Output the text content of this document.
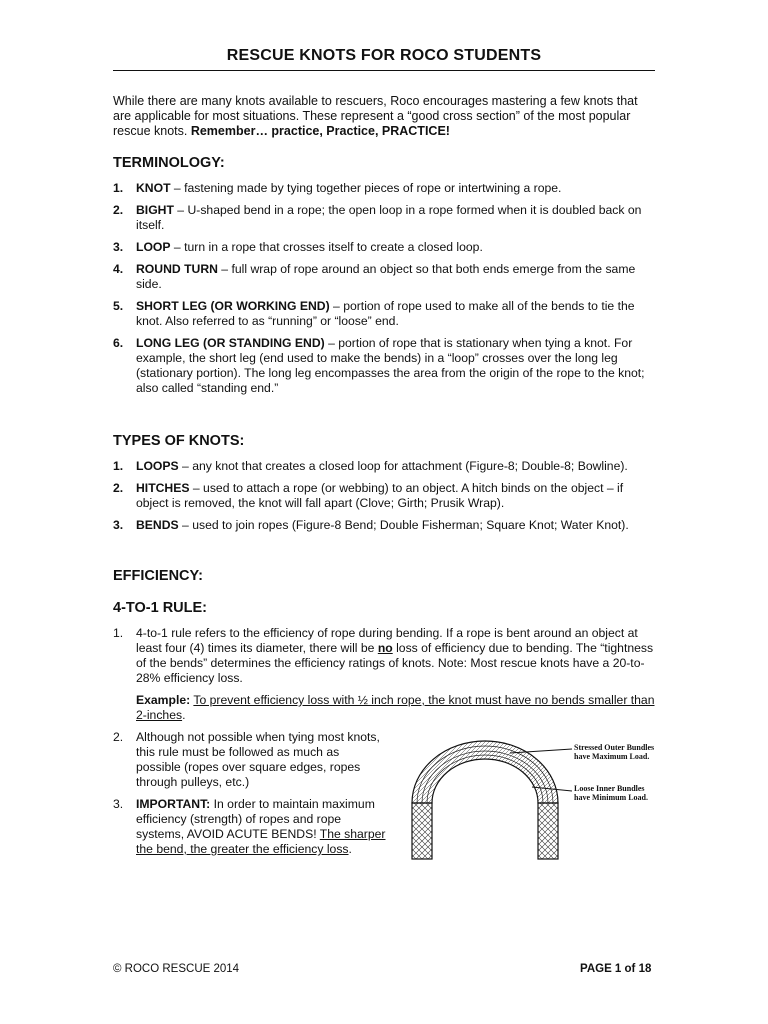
RESCUE KNOTS FOR ROCO STUDENTS
While there are many knots available to rescuers, Roco encourages mastering a few knots that are applicable for most situations. These represent a “good cross section” of the most popular rescue knots. Remember… practice, Practice, PRACTICE!
TERMINOLOGY:
1. KNOT – fastening made by tying together pieces of rope or intertwining a rope.
2. BIGHT – U-shaped bend in a rope; the open loop in a rope formed when it is doubled back on itself.
3. LOOP – turn in a rope that crosses itself to create a closed loop.
4. ROUND TURN – full wrap of rope around an object so that both ends emerge from the same side.
5. SHORT LEG (OR WORKING END) – portion of rope used to make all of the bends to tie the knot. Also referred to as “running” or “loose” end.
6. LONG LEG (OR STANDING END) – portion of rope that is stationary when tying a knot. For example, the short leg (end used to make the bends) in a “loop” crosses over the long leg (stationary portion). The long leg encompasses the area from the origin of the rope to the knot; also called “standing end.”
TYPES OF KNOTS:
1. LOOPS – any knot that creates a closed loop for attachment (Figure-8; Double-8; Bowline).
2. HITCHES – used to attach a rope (or webbing) to an object. A hitch binds on the object – if object is removed, the knot will fall apart (Clove; Girth; Prusik Wrap).
3. BENDS – used to join ropes (Figure-8 Bend; Double Fisherman; Square Knot; Water Knot).
EFFICIENCY:
4-TO-1 RULE:
1. 4-to-1 rule refers to the efficiency of rope during bending. If a rope is bent around an object at least four (4) times its diameter, there will be no loss of efficiency due to bending. The “tightness of the bends” determines the efficiency ratings of knots. Note: Most rescue knots have a 20-to-28% efficiency loss.
Example: To prevent efficiency loss with ½ inch rope, the knot must have no bends smaller than 2-inches.
2. Although not possible when tying most knots, this rule must be followed as much as possible (ropes over square edges, ropes through pulleys, etc.)
3. IMPORTANT: In order to maintain maximum efficiency (strength) of ropes and rope systems, AVOID ACUTE BENDS! The sharper the bend, the greater the efficiency loss.
Stressed Outer Bundles
have Maximum Load.
Loose Inner Bundles
have Minimum Load.
© ROCO RESCUE 2014	PAGE 1 of 18
